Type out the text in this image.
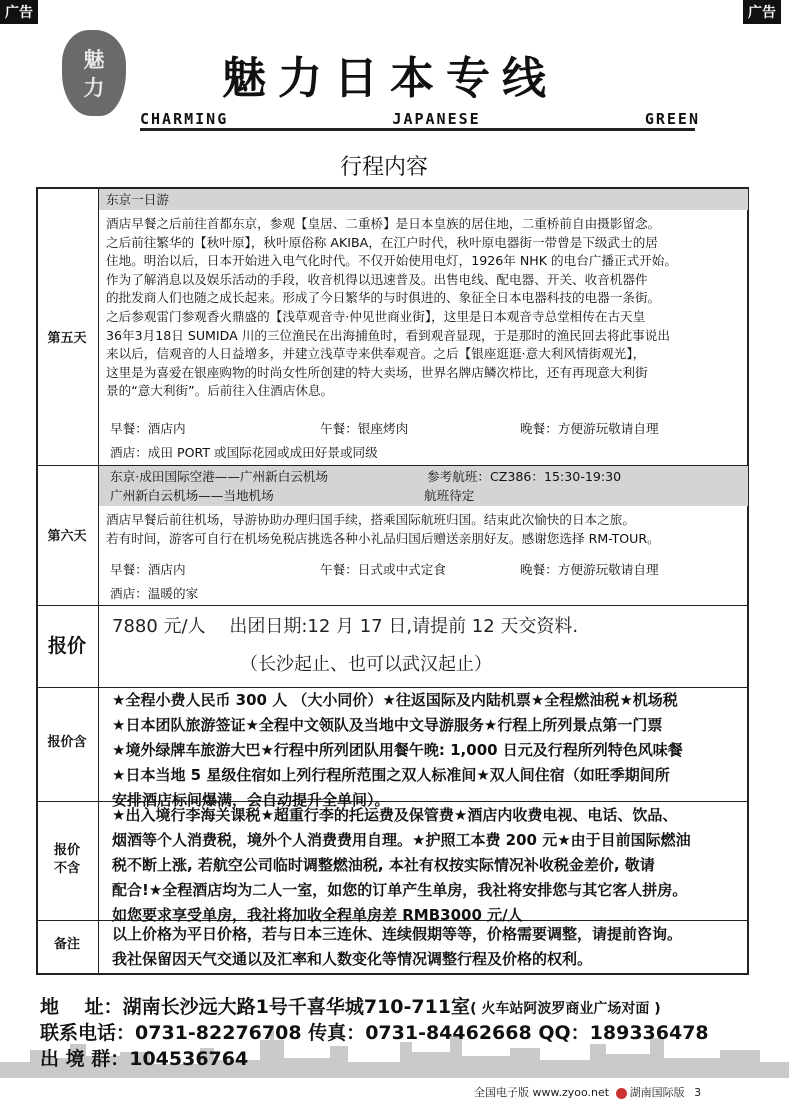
广告	广告
魅
力	魅力日本专线
CHARMING	JAPANESE	GREEN
行程内容
东京一日游
第五天
酒店早餐之后前往首都东京，参观【皇居、二重桥】是日本皇族的居住地，二重桥前自由摄影留念。
之后前往繁华的【秋叶原】，秋叶原俗称 AKIBA，在江户时代，秋叶原电器街一带曾是下级武士的居
住地。明治以后，日本开始进入电气化时代。不仅开始使用电灯，1926年 NHK 的电台广播正式开始。
作为了解消息以及娱乐活动的手段，收音机得以迅速普及。出售电线、配电器、开关、收音机器件
的批发商人们也随之成长起来。形成了今日繁华的与时俱进的、象征全日本电器科技的电器一条街。
之后参观雷门参观香火鼎盛的【浅草观音寺·仲见世商业街】，这里是日本观音寺总堂相传在古天皇
36年3月18日 SUMIDA 川的三位渔民在出海捕鱼时，看到观音显现，于是那时的渔民回去将此事说出
来以后，信观音的人日益增多，并建立浅草寺来供奉观音。之后【银座逛逛·意大利风情街观光】，
这里是为喜爱在银座购物的时尚女性所创建的特大卖场，世界名牌店鳞次栉比，还有再现意大利街
景的“意大利街”。后前往入住酒店休息。
早餐：酒店内	午餐：银座烤肉	晚餐：方便游玩敬请自理
酒店：成田 PORT 或国际花园或成田好景或同级
东京·成田国际空港——广州新白云机场	参考航班：CZ386：15:30-19:30
广州新白云机场——当地机场	航班待定
第六天
酒店早餐后前往机场，导游协助办理归国手续，搭乘国际航班归国。结束此次愉快的日本之旅。
若有时间，游客可自行在机场免税店挑选各种小礼品归国后赠送亲朋好友。感谢您选择 RM-TOUR。
早餐：酒店内	午餐：日式或中式定食	晚餐：方便游玩敬请自理
酒店：温暖的家
报价
7880 元/人　 出团日期:12 月 17 日,请提前 12 天交资料.
（长沙起止、也可以武汉起止）
报价含
★全程小费人民币 300 人 （大小同价）★往返国际及内陆机票★全程燃油税★机场税
★日本团队旅游签证★全程中文领队及当地中文导游服务★行程上所列景点第一门票
★境外绿牌车旅游大巴★行程中所列团队用餐午晚: 1,000 日元及行程所列特色风味餐
★日本当地 5 星级住宿如上列行程所范围之双人标准间★双人间住宿（如旺季期间所
安排酒店标间爆满，会自动提升全单间）。
报价
不含
★出入境行李海关课税★超重行李的托运费及保管费★酒店内收费电视、电话、饮品、
烟酒等个人消费税，境外个人消费费用自理。★护照工本费 200 元★由于目前国际燃油
税不断上涨, 若航空公司临时调整燃油税, 本社有权按实际情况补收税金差价, 敬请
配合!★全程酒店均为二人一室，如您的订单产生单房，我社将安排您与其它客人拼房。
如您要求享受单房，我社将加收全程单房差 RMB3000 元/人
备注
以上价格为平日价格，若与日本三连休、连续假期等等，价格需要调整，请提前咨询。
我社保留因天气交通以及汇率和人数变化等情况调整行程及价格的权利。
地　 址：湖南长沙远大路1号千喜华城710-711室( 火车站阿波罗商业广场对面 )
联系电话：0731-82276708 传真：0731-84462668 QQ：189336478
出 境 群：104536764
全国电子版 www.zyoo.net 湖南国际版 3
